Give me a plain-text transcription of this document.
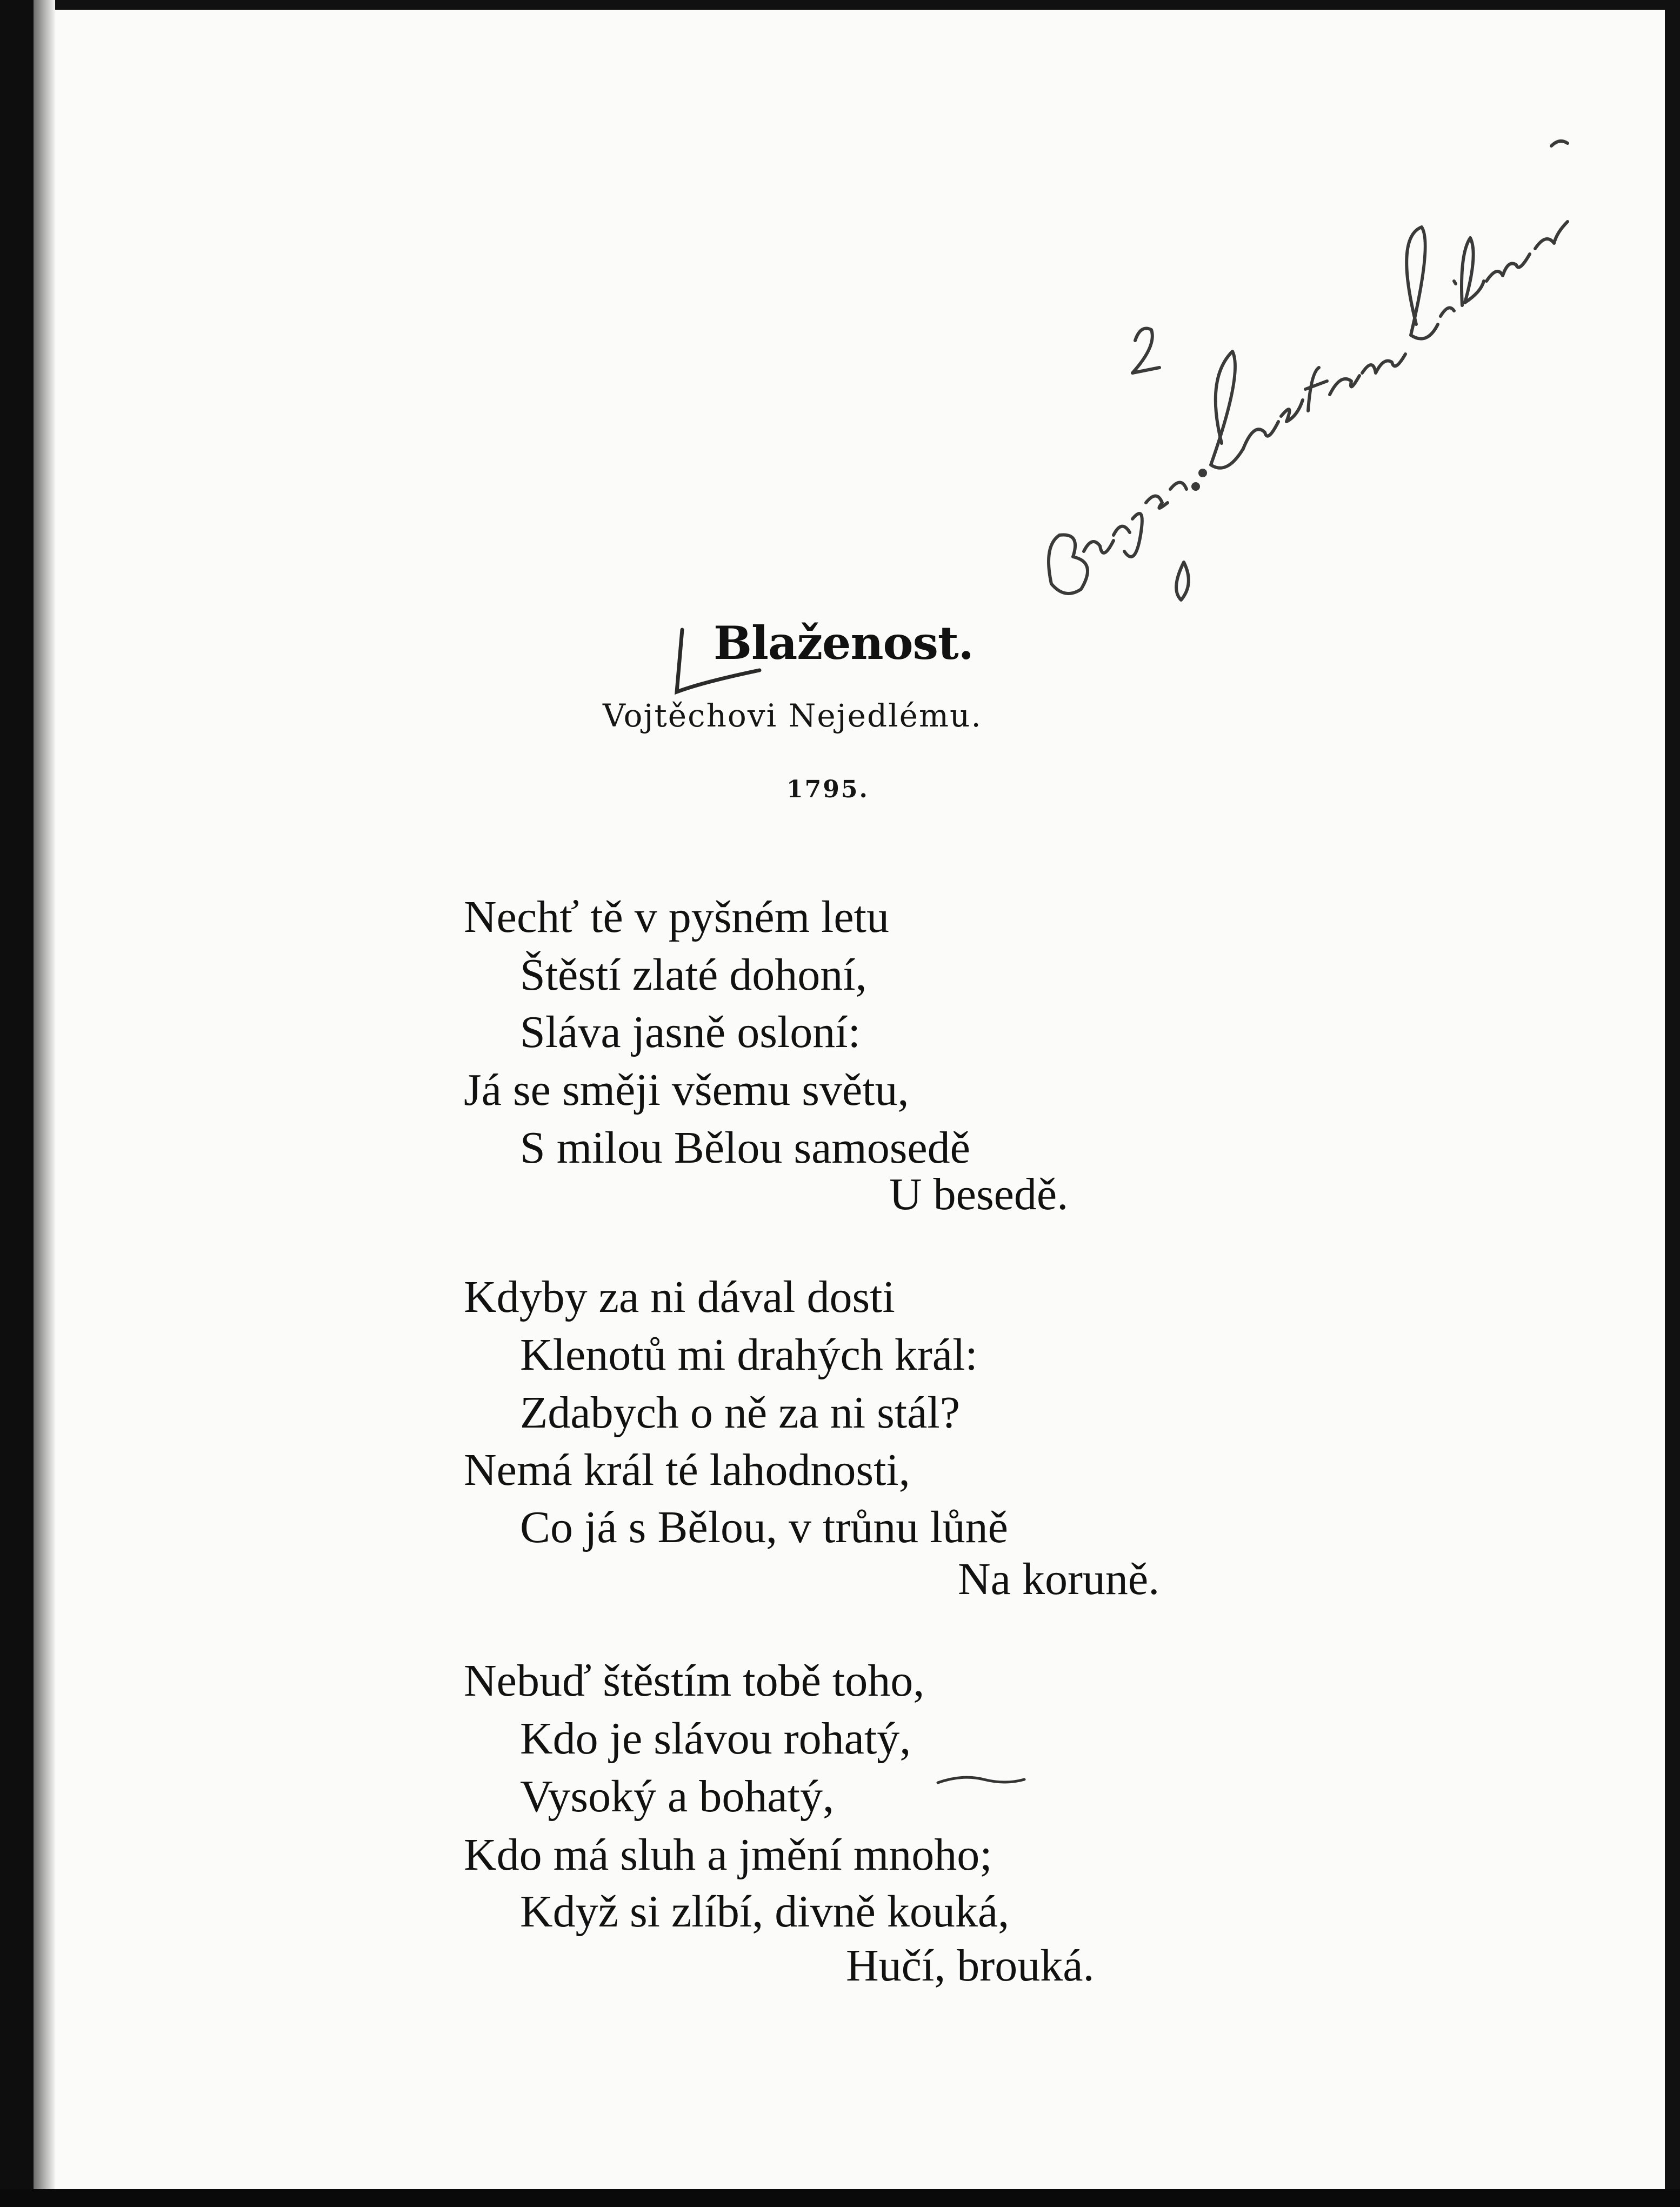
Blaženost.
Vojtěchovi Nejedlému.
1795.
Nechť tě v pyšném letu
Štěstí zlaté dohoní,
Sláva jasně osloní:
Já se směji všemu světu,
S milou Bělou samosedě
U besedě.
Kdyby za ni dával dosti
Klenotů mi drahých král:
Zdabych o ně za ni stál?
Nemá král té lahodnosti,
Co já s Bělou, v trůnu lůně
Na koruně.
Nebuď štěstím tobě toho,
Kdo je slávou rohatý,
Vysoký a bohatý,
Kdo má sluh a jmění mnoho;
Když si zlíbí, divně kouká,
Hučí, brouká.
